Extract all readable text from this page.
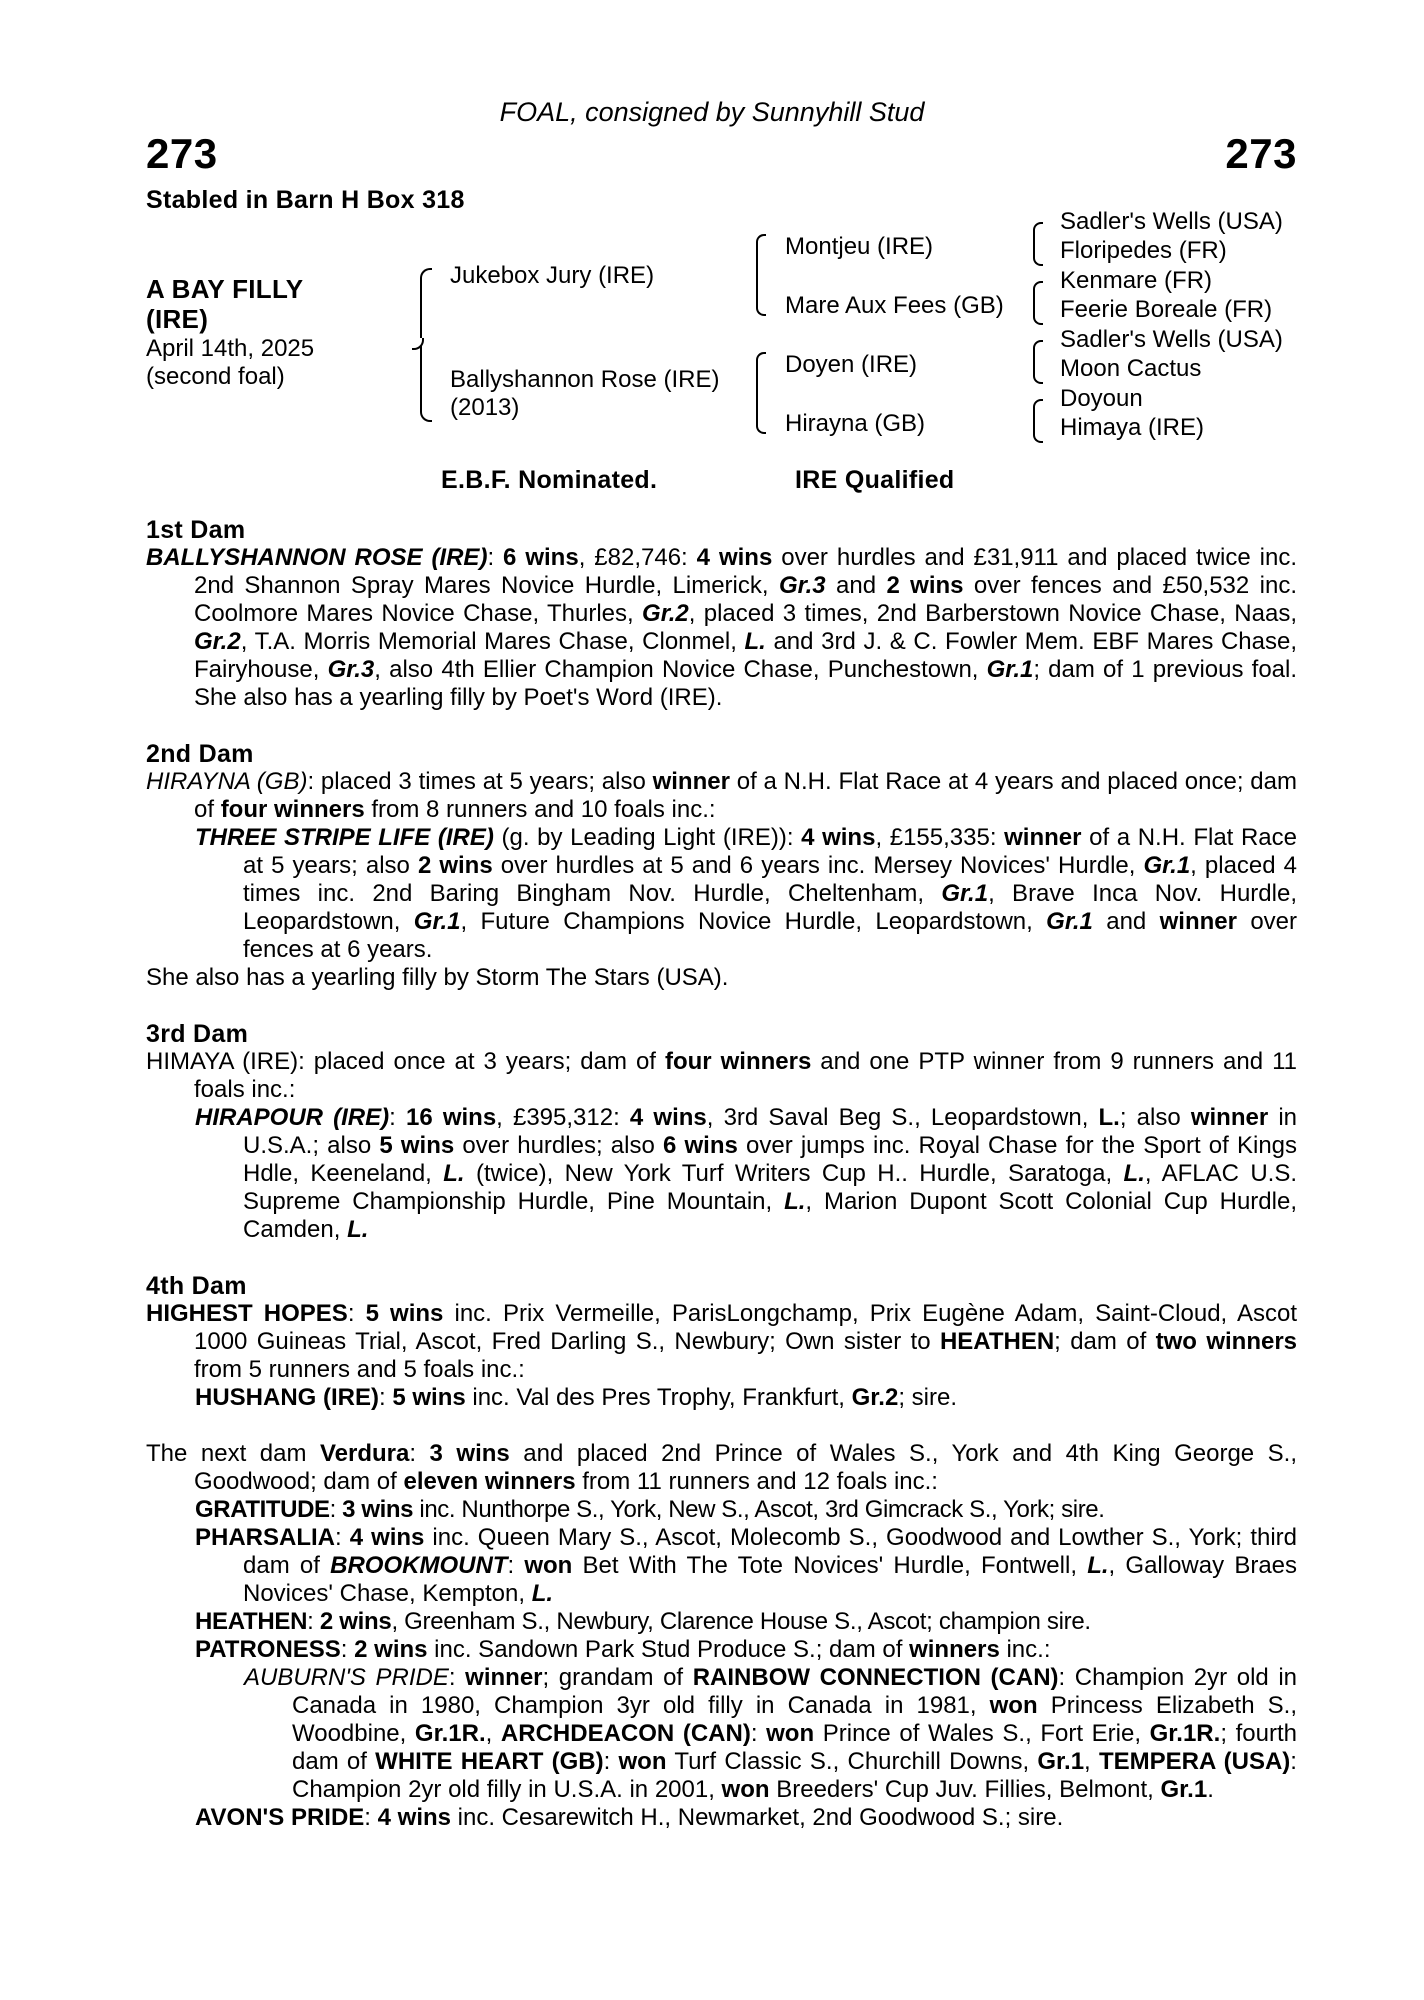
FOAL, consigned by Sunnyhill Stud
273	273
Stabled in Barn H Box 318
A BAY FILLY
(IRE)
April 14th, 2025
(second foal)
Jukebox Jury (IRE)
Ballyshannon Rose (IRE)
(2013)
Montjeu (IRE)
Mare Aux Fees (GB)
Doyen (IRE)
Hirayna (GB)
Sadler's Wells (USA)
Floripedes (FR)
Kenmare (FR)
Feerie Boreale (FR)
Sadler's Wells (USA)
Moon Cactus
Doyoun
Himaya (IRE)
E.B.F. Nominated.	IRE Qualified
1st Dam
BALLYSHANNON ROSE (IRE): 6 wins, £82,746: 4 wins over hurdles and £31,911 and placed twice inc. 2nd Shannon Spray Mares Novice Hurdle, Limerick, Gr.3 and 2 wins over fences and £50,532 inc. Coolmore Mares Novice Chase, Thurles, Gr.2, placed 3 times, 2nd Barberstown Novice Chase, Naas, Gr.2, T.A. Morris Memorial Mares Chase, Clonmel, L. and 3rd J. & C. Fowler Mem. EBF Mares Chase, Fairyhouse, Gr.3, also 4th Ellier Champion Novice Chase, Punchestown, Gr.1; dam of 1 previous foal. She also has a yearling filly by Poet's Word (IRE).
2nd Dam
HIRAYNA (GB): placed 3 times at 5 years; also winner of a N.H. Flat Race at 4 years and placed once; dam of four winners from 8 runners and 10 foals inc.:
THREE STRIPE LIFE (IRE) (g. by Leading Light (IRE)): 4 wins, £155,335: winner of a N.H. Flat Race at 5 years; also 2 wins over hurdles at 5 and 6 years inc. Mersey Novices' Hurdle, Gr.1, placed 4 times inc. 2nd Baring Bingham Nov. Hurdle, Cheltenham, Gr.1, Brave Inca Nov. Hurdle, Leopardstown, Gr.1, Future Champions Novice Hurdle, Leopardstown, Gr.1 and winner over fences at 6 years.
She also has a yearling filly by Storm The Stars (USA).
3rd Dam
HIMAYA (IRE): placed once at 3 years; dam of four winners and one PTP winner from 9 runners and 11 foals inc.:
HIRAPOUR (IRE): 16 wins, £395,312: 4 wins, 3rd Saval Beg S., Leopardstown, L.; also winner in U.S.A.; also 5 wins over hurdles; also 6 wins over jumps inc. Royal Chase for the Sport of Kings Hdle, Keeneland, L. (twice), New York Turf Writers Cup H.. Hurdle, Saratoga, L., AFLAC U.S. Supreme Championship Hurdle, Pine Mountain, L., Marion Dupont Scott Colonial Cup Hurdle, Camden, L.
4th Dam
HIGHEST HOPES: 5 wins inc. Prix Vermeille, ParisLongchamp, Prix Eugène Adam, Saint-Cloud, Ascot 1000 Guineas Trial, Ascot, Fred Darling S., Newbury; Own sister to HEATHEN; dam of two winners from 5 runners and 5 foals inc.:
HUSHANG (IRE): 5 wins inc. Val des Pres Trophy, Frankfurt, Gr.2; sire.
The next dam Verdura: 3 wins and placed 2nd Prince of Wales S., York and 4th King George S., Goodwood; dam of eleven winners from 11 runners and 12 foals inc.:
GRATITUDE: 3 wins inc. Nunthorpe S., York, New S., Ascot, 3rd Gimcrack S., York; sire.
PHARSALIA: 4 wins inc. Queen Mary S., Ascot, Molecomb S., Goodwood and Lowther S., York; third dam of BROOKMOUNT: won Bet With The Tote Novices' Hurdle, Fontwell, L., Galloway Braes Novices' Chase, Kempton, L.
HEATHEN: 2 wins, Greenham S., Newbury, Clarence House S., Ascot; champion sire.
PATRONESS: 2 wins inc. Sandown Park Stud Produce S.; dam of winners inc.:
AUBURN'S PRIDE: winner; grandam of RAINBOW CONNECTION (CAN): Champion 2yr old in Canada in 1980, Champion 3yr old filly in Canada in 1981, won Princess Elizabeth S., Woodbine, Gr.1R., ARCHDEACON (CAN): won Prince of Wales S., Fort Erie, Gr.1R.; fourth dam of WHITE HEART (GB): won Turf Classic S., Churchill Downs, Gr.1, TEMPERA (USA): Champion 2yr old filly in U.S.A. in 2001, won Breeders' Cup Juv. Fillies, Belmont, Gr.1.
AVON'S PRIDE: 4 wins inc. Cesarewitch H., Newmarket, 2nd Goodwood S.; sire.
